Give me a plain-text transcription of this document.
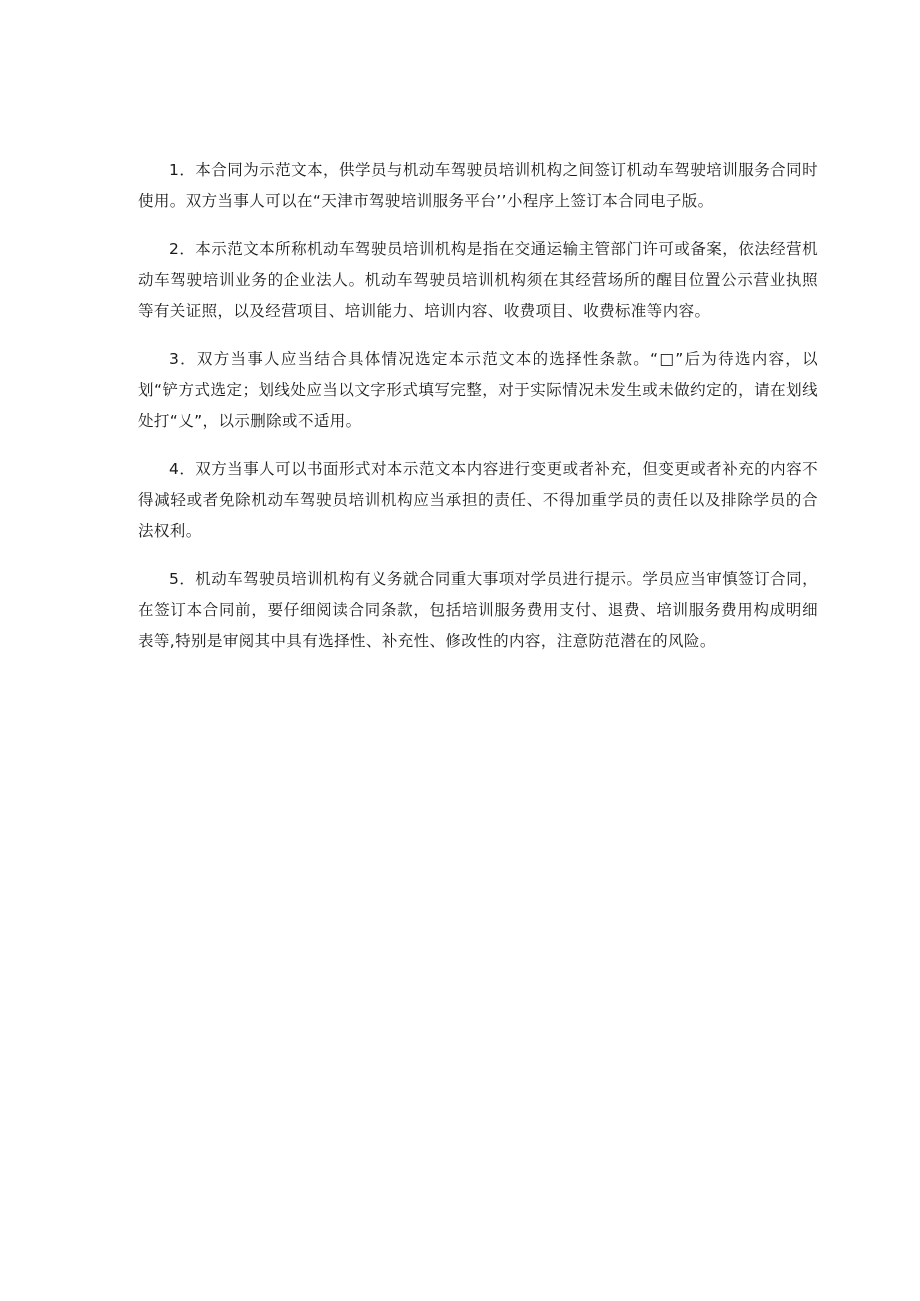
1．本合同为示范文本，供学员与机动车驾驶员培训机构之间签订机动车驾驶培训服务合同时使用。双方当事人可以在“天津市驾驶培训服务平台’’小程序上签订本合同电子版。

2．本示范文本所称机动车驾驶员培训机构是指在交通运输主管部门许可或备案，依法经营机动车驾驶培训业务的企业法人。机动车驾驶员培训机构须在其经营场所的醒目位置公示营业执照等有关证照，以及经营项目、培训能力、培训内容、收费项目、收费标准等内容。

3．双方当事人应当结合具体情况选定本示范文本的选择性条款。“□”后为待选内容，以划“铲方式选定；划线处应当以文字形式填写完整，对于实际情况未发生或未做约定的，请在划线处打“乂”，以示删除或不适用。

4．双方当事人可以书面形式对本示范文本内容进行变更或者补充，但变更或者补充的内容不得减轻或者免除机动车驾驶员培训机构应当承担的责任、不得加重学员的责任以及排除学员的合法权利。

5．机动车驾驶员培训机构有义务就合同重大事项对学员进行提示。学员应当审慎签订合同，在签订本合同前，要仔细阅读合同条款，包括培训服务费用支付、退费、培训服务费用构成明细表等,特别是审阅其中具有选择性、补充性、修改性的内容，注意防范潜在的风险。
